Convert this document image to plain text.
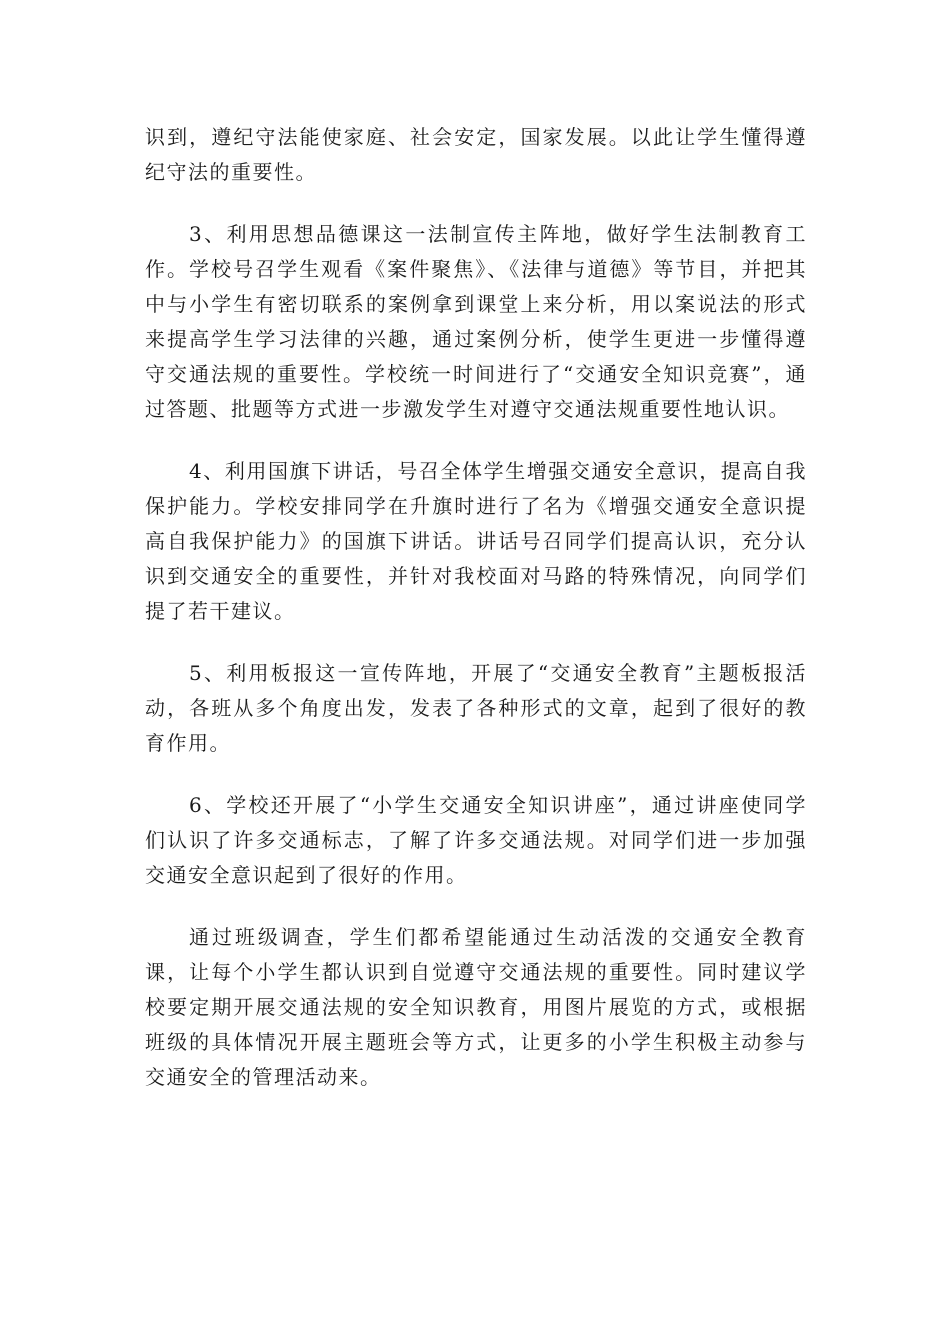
识到，遵纪守法能使家庭、社会安定，国家发展。以此让学生懂得遵纪守法的重要性。

3、利用思想品德课这一法制宣传主阵地，做好学生法制教育工作。学校号召学生观看《案件聚焦》、《法律与道德》等节目，并把其中与小学生有密切联系的案例拿到课堂上来分析，用以案说法的形式来提高学生学习法律的兴趣，通过案例分析，使学生更进一步懂得遵守交通法规的重要性。学校统一时间进行了“交通安全知识竞赛”，通过答题、批题等方式进一步激发学生对遵守交通法规重要性地认识。

4、利用国旗下讲话，号召全体学生增强交通安全意识，提高自我保护能力。学校安排同学在升旗时进行了名为《增强交通安全意识提高自我保护能力》的国旗下讲话。讲话号召同学们提高认识，充分认识到交通安全的重要性，并针对我校面对马路的特殊情况，向同学们提了若干建议。

5、利用板报这一宣传阵地，开展了“交通安全教育”主题板报活动，各班从多个角度出发，发表了各种形式的文章，起到了很好的教育作用。

6、学校还开展了“小学生交通安全知识讲座”，通过讲座使同学们认识了许多交通标志，了解了许多交通法规。对同学们进一步加强交通安全意识起到了很好的作用。

通过班级调查，学生们都希望能通过生动活泼的交通安全教育课，让每个小学生都认识到自觉遵守交通法规的重要性。同时建议学校要定期开展交通法规的安全知识教育，用图片展览的方式，或根据班级的具体情况开展主题班会等方式，让更多的小学生积极主动参与交通安全的管理活动来。
